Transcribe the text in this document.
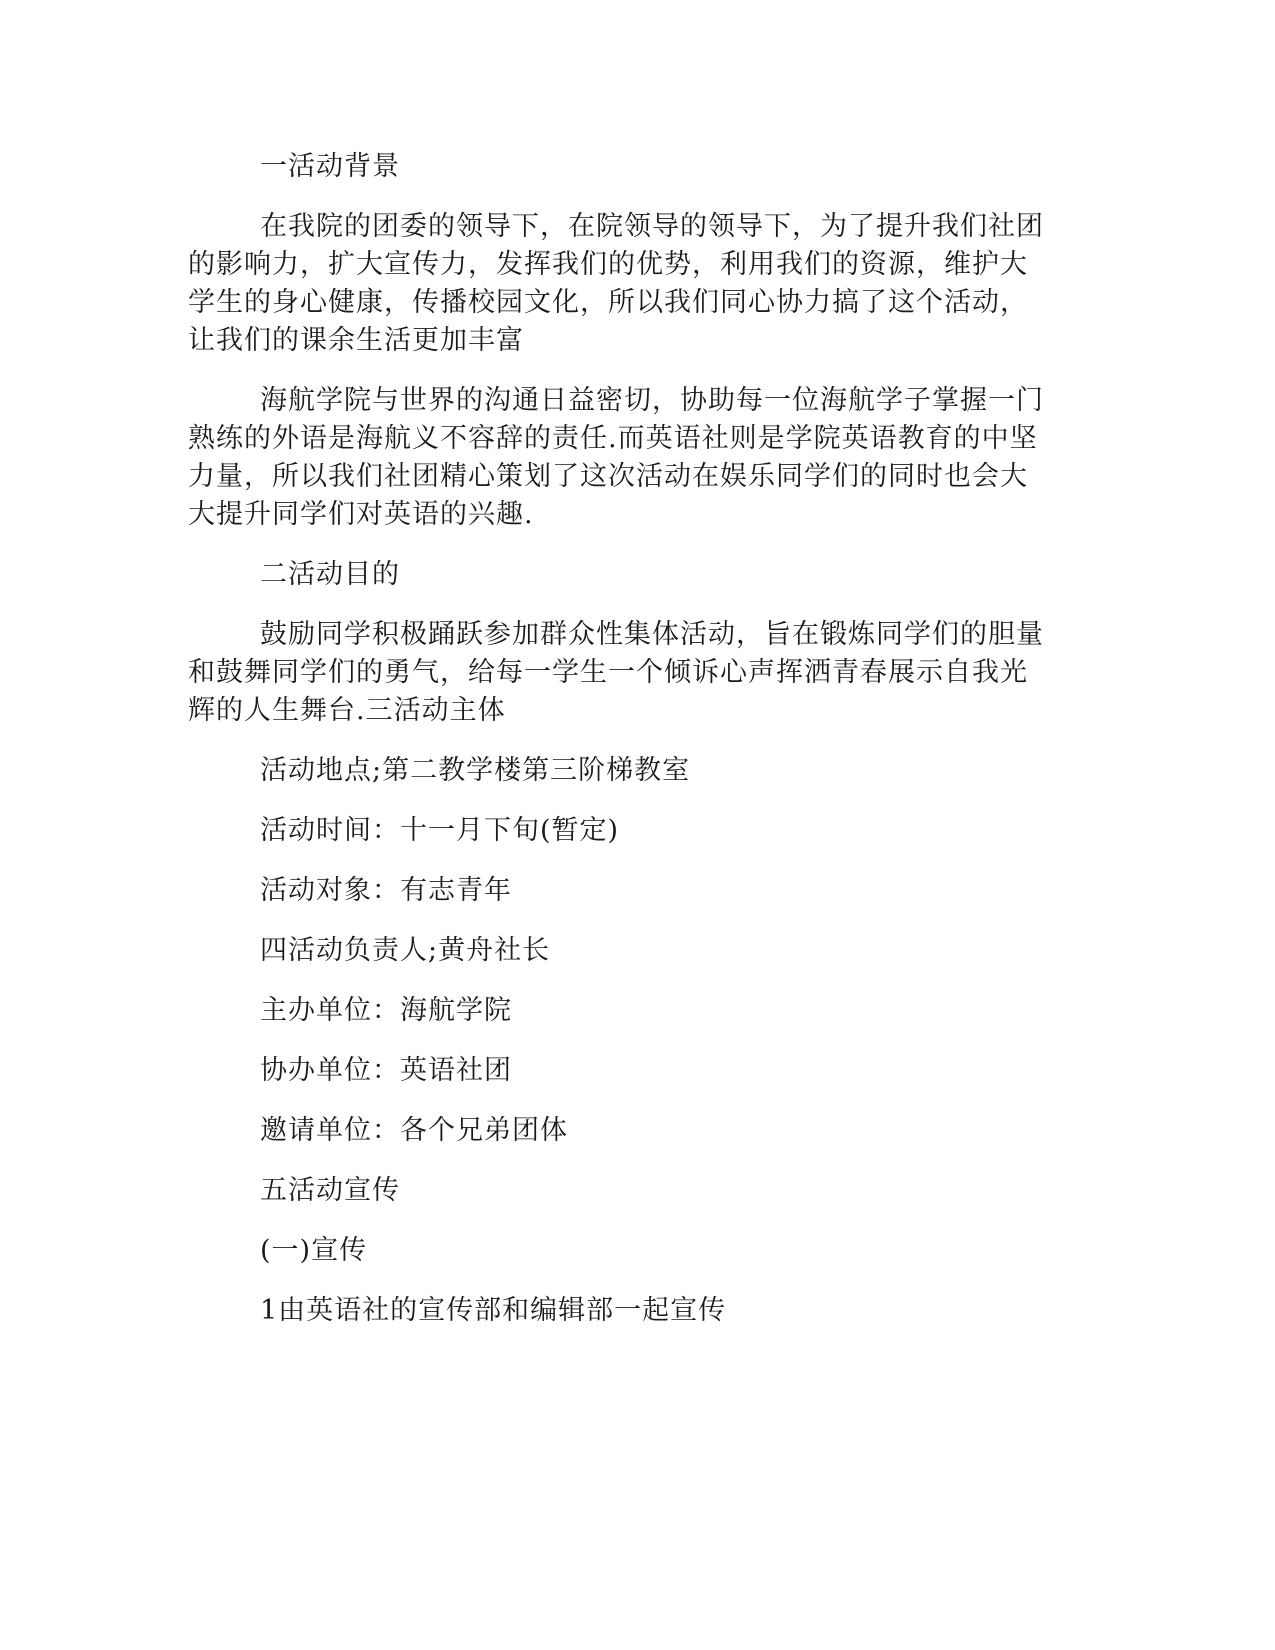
一活动背景
在我院的团委的领导下，在院领导的领导下，为了提升我们社团
的影响力，扩大宣传力，发挥我们的优势，利用我们的资源，维护大
学生的身心健康，传播校园文化，所以我们同心协力搞了这个活动，
让我们的课余生活更加丰富
海航学院与世界的沟通日益密切，协助每一位海航学子掌握一门
熟练的外语是海航义不容辞的责任.而英语社则是学院英语教育的中坚
力量，所以我们社团精心策划了这次活动在娱乐同学们的同时也会大
大提升同学们对英语的兴趣.
二活动目的
鼓励同学积极踊跃参加群众性集体活动，旨在锻炼同学们的胆量
和鼓舞同学们的勇气，给每一学生一个倾诉心声挥洒青春展示自我光
辉的人生舞台.三活动主体
活动地点;第二教学楼第三阶梯教室
活动时间：十一月下旬(暂定)
活动对象：有志青年
四活动负责人;黄舟社长
主办单位：海航学院
协办单位：英语社团
邀请单位：各个兄弟团体
五活动宣传
(一)宣传
1由英语社的宣传部和编辑部一起宣传
